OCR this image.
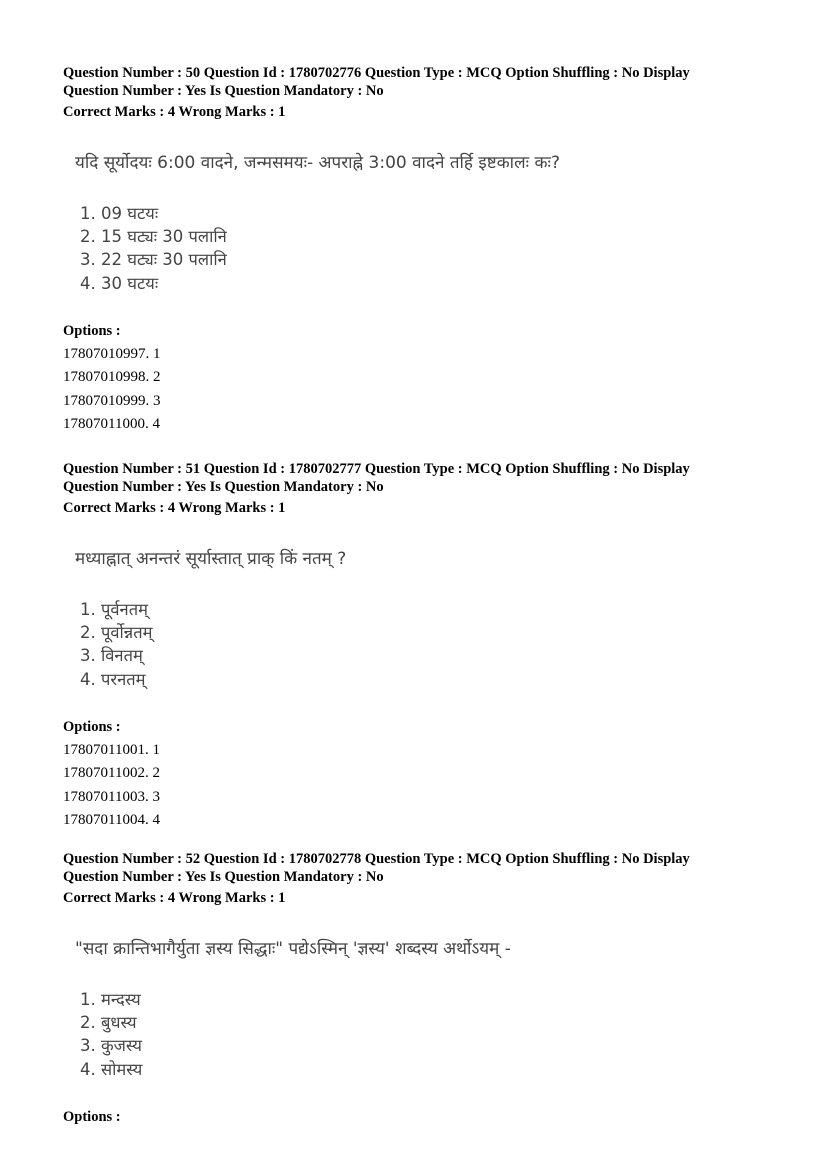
Question Number : 50 Question Id : 1780702776 Question Type : MCQ Option Shuffling : No Display
Question Number : Yes Is Question Mandatory : No
Correct Marks : 4 Wrong Marks : 1
यदि सूर्योदयः 6:00 वादने, जन्मसमयः- अपराह्ने 3:00 वादने तर्हि इष्टकालः कः?
1. 09 घटयः
2. 15 घट्यः 30 पलानि
3. 22 घट्यः 30 पलानि
4. 30 घटयः
Options :
17807010997. 1
17807010998. 2
17807010999. 3
17807011000. 4
Question Number : 51 Question Id : 1780702777 Question Type : MCQ Option Shuffling : No Display
Question Number : Yes Is Question Mandatory : No
Correct Marks : 4 Wrong Marks : 1
मध्याह्नात् अनन्तरं सूर्यास्तात् प्राक् किं नतम् ?
1. पूर्वनतम्
2. पूर्वोन्नतम्
3. विनतम्
4. परनतम्
Options :
17807011001. 1
17807011002. 2
17807011003. 3
17807011004. 4
Question Number : 52 Question Id : 1780702778 Question Type : MCQ Option Shuffling : No Display
Question Number : Yes Is Question Mandatory : No
Correct Marks : 4 Wrong Marks : 1
"सदा क्रान्तिभागैर्युता ज्ञस्य सिद्धाः" पद्येऽस्मिन् 'ज्ञस्य' शब्दस्य अर्थोऽयम् -
1. मन्दस्य
2. बुधस्य
3. कुजस्य
4. सोमस्य
Options :
